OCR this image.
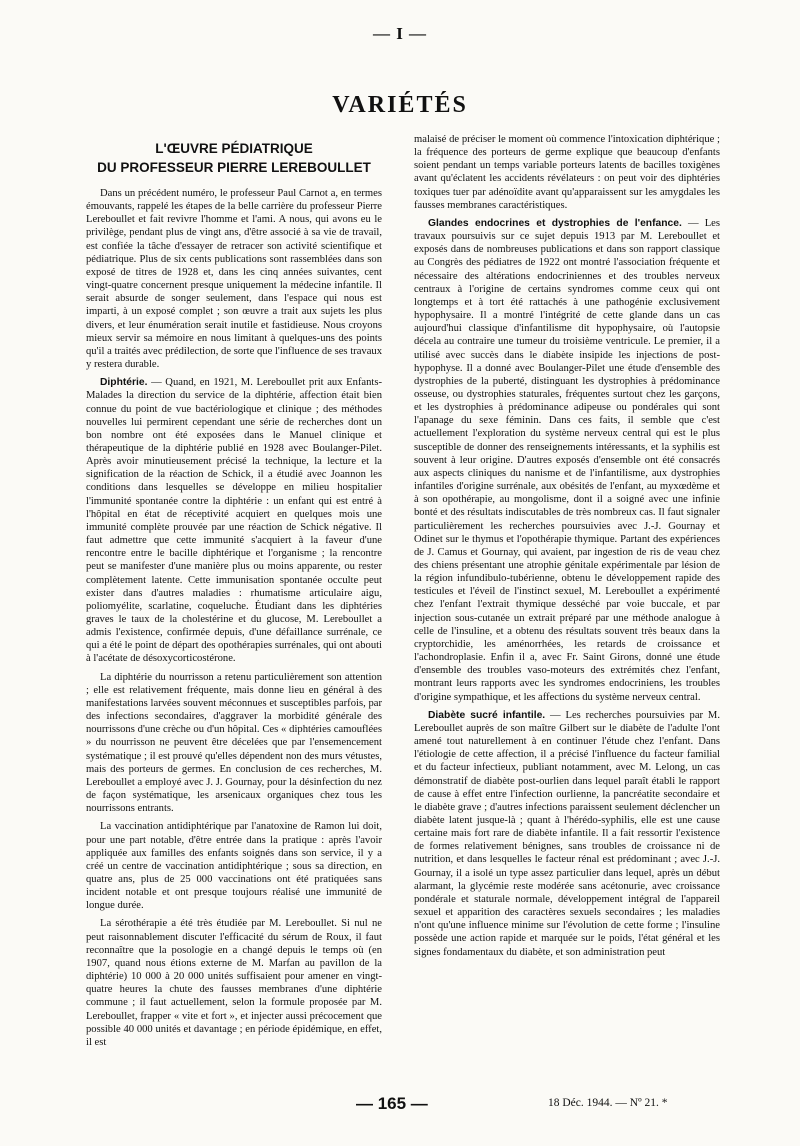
— I —
VARIÉTÉS
L'ŒUVRE PÉDIATRIQUE
DU PROFESSEUR PIERRE LEREBOULLET

Dans un précédent numéro, le professeur Paul Carnot a, en termes émouvants, rappelé les étapes de la belle carrière du professeur Pierre Lereboullet et fait revivre l'homme et l'ami. A nous, qui avons eu le privilège, pendant plus de vingt ans, d'être associé à sa vie de travail, est confiée la tâche d'essayer de retracer son activité scientifique et pédiatrique. Plus de six cents publications sont rassemblées dans son exposé de titres de 1928 et, dans les cinq années suivantes, cent vingt-quatre concernent presque uniquement la médecine infantile. Il serait absurde de songer seulement, dans l'espace qui nous est imparti, à un exposé complet ; son œuvre a trait aux sujets les plus divers, et leur énumération serait inutile et fastidieuse. Nous croyons mieux servir sa mémoire en nous limitant à quelques-uns des points qu'il a traités avec prédilection, de sorte que l'influence de ses travaux y restera durable.

Diphtérie. — Quand, en 1921, M. Lereboullet prit aux Enfants-Malades la direction du service de la diphtérie, affection était bien connue du point de vue bactériologique et clinique ; des méthodes nouvelles lui permirent cependant une série de recherches dont un bon nombre ont été exposées dans le Manuel clinique et thérapeutique de la diphtérie publié en 1928 avec Boulanger-Pilet. Après avoir minutieusement précisé la technique, la lecture et la signification de la réaction de Schick, il a étudié avec Joannon les conditions dans lesquelles se développe en milieu hospitalier l'immunité spontanée contre la diphtérie : un enfant qui est entré à l'hôpital en état de réceptivité acquiert en quelques mois une immunité complète prouvée par une réaction de Schick négative. Il faut admettre que cette immunité s'acquiert à la faveur d'une rencontre entre le bacille diphtérique et l'organisme ; la rencontre peut se manifester d'une manière plus ou moins apparente, ou rester complètement latente. Cette immunisation spontanée occulte peut exister dans d'autres maladies : rhumatisme articulaire aigu, poliomyélite, scarlatine, coqueluche. Étudiant dans les diphtéries graves le taux de la cholestérine et du glucose, M. Lereboullet a admis l'existence, confirmée depuis, d'une défaillance surrénale, ce qui a été le point de départ des opothérapies surrénales, qui ont abouti à l'acétate de désoxycorticostérone.

La diphtérie du nourrisson a retenu particulièrement son attention ; elle est relativement fréquente, mais donne lieu en général à des manifestations larvées souvent méconnues et susceptibles parfois, par des infections secondaires, d'aggraver la morbidité générale des nourrissons d'une crèche ou d'un hôpital. Ces « diphtéries camouflées » du nourrisson ne peuvent être décelées que par l'ensemencement systématique ; il est prouvé qu'elles dépendent non des murs vétustes, mais des porteurs de germes. En conclusion de ces recherches, M. Lereboullet a employé avec J. J. Gournay, pour la désinfection du nez de façon systématique, les arsenicaux organiques chez tous les nourrissons entrants.

La vaccination antidiphtérique par l'anatoxine de Ramon lui doit, pour une part notable, d'être entrée dans la pratique : après l'avoir appliquée aux familles des enfants soignés dans son service, il y a créé un centre de vaccination antidiphtérique ; sous sa direction, en quatre ans, plus de 25 000 vaccinations ont été pratiquées sans incident notable et ont presque toujours réalisé une immunité de longue durée.

La sérothérapie a été très étudiée par M. Lereboullet. Si nul ne peut raisonnablement discuter l'efficacité du sérum de Roux, il faut reconnaître que la posologie en a changé depuis le temps où (en 1907, quand nous étions externe de M. Marfan au pavillon de la diphtérie) 10 000 à 20 000 unités suffisaient pour amener en vingt-quatre heures la chute des fausses membranes d'une diphtérie commune ; il faut actuellement, selon la formule proposée par M. Lereboullet, frapper « vite et fort », et injecter aussi précocement que possible 40 000 unités et davantage ; en période épidémique, en effet, il est

malaisé de préciser le moment où commence l'intoxication diphtérique ; la fréquence des porteurs de germe explique que beaucoup d'enfants soient pendant un temps variable porteurs latents de bacilles toxigènes avant qu'éclatent les accidents révélateurs : on peut voir des diphtéries toxiques tuer par adénoïdite avant qu'apparaissent sur les amygdales les fausses membranes caractéristiques.

Glandes endocrines et dystrophies de l'enfance. — Les travaux poursuivis sur ce sujet depuis 1913 par M. Lereboullet et exposés dans de nombreuses publications et dans son rapport classique au Congrès des pédiatres de 1922 ont montré l'association fréquente et nécessaire des altérations endocriniennes et des troubles nerveux centraux à l'origine de certains syndromes comme ceux qui ont longtemps et à tort été rattachés à une pathogénie exclusivement hypophysaire. Il a montré l'intégrité de cette glande dans un cas aujourd'hui classique d'infantilisme dit hypophysaire, où l'autopsie décela au contraire une tumeur du troisième ventricule. Le premier, il a utilisé avec succès dans le diabète insipide les injections de post-hypophyse. Il a donné avec Boulanger-Pilet une étude d'ensemble des dystrophies de la puberté, distinguant les dystrophies à prédominance osseuse, ou dystrophies staturales, fréquentes surtout chez les garçons, et les dystrophies à prédominance adipeuse ou pondérales qui sont l'apanage du sexe féminin. Dans ces faits, il semble que c'est actuellement l'exploration du système nerveux central qui est le plus susceptible de donner des renseignements intéressants, et la syphilis est souvent à leur origine. D'autres exposés d'ensemble ont été consacrés aux aspects cliniques du nanisme et de l'infantilisme, aux dystrophies infantiles d'origine surrénale, aux obésités de l'enfant, au myxœdème et à son opothérapie, au mongolisme, dont il a soigné avec une infinie bonté et des résultats indiscutables de très nombreux cas. Il faut signaler particulièrement les recherches poursuivies avec J.-J. Gournay et Odinet sur le thymus et l'opothérapie thymique. Partant des expériences de J. Camus et Gournay, qui avaient, par ingestion de ris de veau chez des chiens présentant une atrophie génitale expérimentale par lésion de la région infundibulo-tubérienne, obtenu le développement rapide des testicules et l'éveil de l'instinct sexuel, M. Lereboullet a expérimenté chez l'enfant l'extrait thymique desséché par voie buccale, et par injection sous-cutanée un extrait préparé par une méthode analogue à celle de l'insuline, et a obtenu des résultats souvent très beaux dans la cryptorchidie, les aménorrhées, les retards de croissance et l'achondroplasie. Enfin il a, avec Fr. Saint Girons, donné une étude d'ensemble des troubles vaso-moteurs des extrémités chez l'enfant, montrant leurs rapports avec les syndromes endocriniens, les troubles d'origine sympathique, et les affections du système nerveux central.

Diabète sucré infantile. — Les recherches poursuivies par M. Lereboullet auprès de son maître Gilbert sur le diabète de l'adulte l'ont amené tout naturellement à en continuer l'étude chez l'enfant. Dans l'étiologie de cette affection, il a précisé l'influence du facteur familial et du facteur infectieux, publiant notamment, avec M. Lelong, un cas démonstratif de diabète post-ourlien dans lequel paraît établi le rapport de cause à effet entre l'infection ourlienne, la pancréatite secondaire et le diabète grave ; d'autres infections paraissent seulement déclencher un diabète latent jusque-là ; quant à l'hérédo-syphilis, elle est une cause certaine mais fort rare de diabète infantile. Il a fait ressortir l'existence de formes relativement bénignes, sans troubles de croissance ni de nutrition, et dans lesquelles le facteur rénal est prédominant ; avec J.-J. Gournay, il a isolé un type assez particulier dans lequel, après un début alarmant, la glycémie reste modérée sans acétonurie, avec croissance pondérale et staturale normale, développement intégral de l'appareil sexuel et apparition des caractères sexuels secondaires ; les maladies n'ont qu'une influence minime sur l'évolution de cette forme ; l'insuline possède une action rapide et marquée sur le poids, l'état général et les signes fondamentaux du diabète, et son administration peut

— 165 —	18 Déc. 1944. — Nº 21. *
